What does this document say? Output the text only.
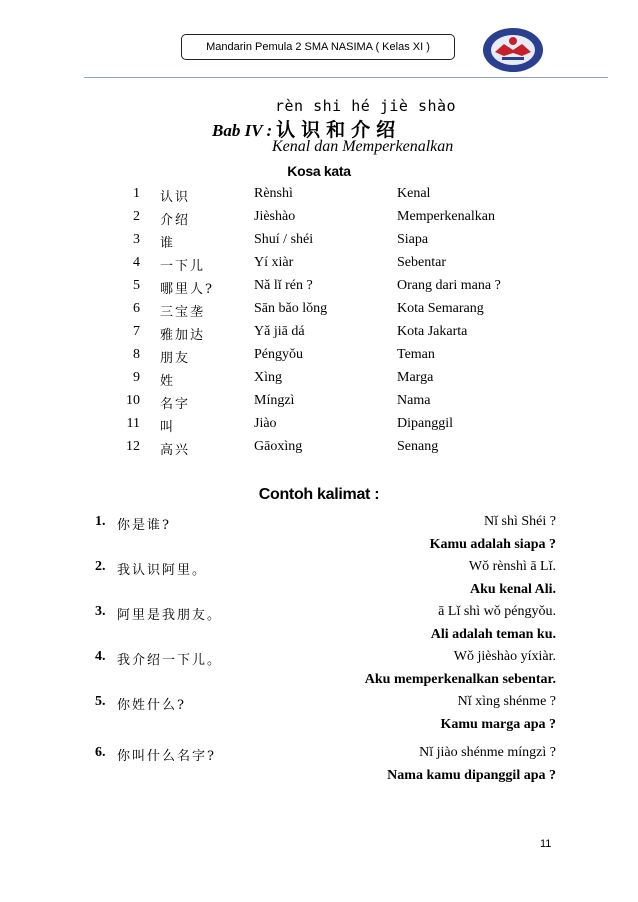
Mandarin Pemula 2 SMA NASIMA ( Kelas XI )
rèn shi hé jiè shào
Bab IV : 认识和介绍
Kenal dan Memperkenalkan
Kosa kata
1 认识	Rènshì	Kenal
2 介绍	Jièshào	Memperkenalkan
3 谁	Shuí / shéi	Siapa
4 一下儿	Yí xiàr	Sebentar
5 哪里人?	Nǎ lǐ rén ?	Orang dari mana ?
6 三宝垄	Sān bǎo lǒng	Kota Semarang
7 雅加达	Yǎ jiā dá	Kota Jakarta
8 朋友	Péngyǒu	Teman
9 姓	Xìng	Marga
10 名字	Míngzì	Nama
11 叫	Jiào	Dipanggil
12 高兴	Gāoxìng	Senang
Contoh kalimat :
1. 你是谁?	Nǐ shì Shéi ?
Kamu adalah siapa ?
2. 我认识阿里。	Wǒ rènshì ā Lǐ.
Aku kenal Ali.
3. 阿里是我朋友。	ā Lǐ shì wǒ péngyǒu.
Ali adalah teman ku.
4. 我介绍一下儿。	Wǒ jièshào yíxiàr.
Aku memperkenalkan sebentar.
5. 你姓什么?	Nǐ xìng shénme ?
Kamu marga apa ?
6. 你叫什么名字?	Nǐ jiào shénme míngzì ?
Nama kamu dipanggil apa ?
11
